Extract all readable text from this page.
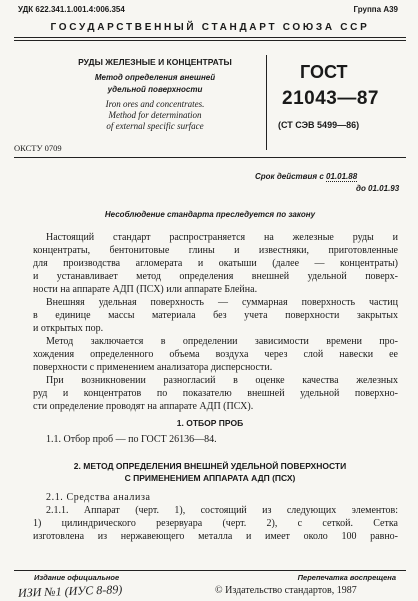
УДК 622.341.1.001.4:006.354	Группа А39
ГОСУДАРСТВЕННЫЙ СТАНДАРТ СОЮЗА ССР
РУДЫ ЖЕЛЕЗНЫЕ И КОНЦЕНТРАТЫ
Метод определения внешней
удельной поверхности
Iron ores and concentrates.
Method for determination
of external specific surface
ГОСТ
21043—87
(СТ СЭВ 5499—86)
ОКСТУ 0709
Срок действия с 01.01.88
до 01.01.93
Несоблюдение стандарта преследуется по закону
Настоящий стандарт распространяется на железные руды и
концентраты, бентонитовые глины и известняки, приготовленные
для производства агломерата и окатыши (далее — концентраты)
и устанавливает метод определения внешней удельной поверх-
ности на аппарате АДП (ПСХ) или аппарате Блейна.
Внешняя удельная поверхность — суммарная поверхность частиц
в единице массы материала без учета поверхности закрытых
и открытых пор.
Метод заключается в определении зависимости времени про-
хождения определенного объема воздуха через слой навески ее
поверхности с применением анализатора дисперсности.
При возникновении разногласий в оценке качества железных
руд и концентратов по показателю внешней удельной поверхно-
сти определение проводят на аппарате АДП (ПСХ).
1. ОТБОР ПРОБ
1.1. Отбор проб — по ГОСТ 26136—84.
2. МЕТОД ОПРЕДЕЛЕНИЯ ВНЕШНЕЙ УДЕЛЬНОЙ ПОВЕРХНОСТИ
С ПРИМЕНЕНИЕМ АППАРАТА АДП (ПСХ)
2.1. Средства анализа
2.1.1. Аппарат (черт. 1), состоящий из следующих элементов:
1) цилиндрического резервуара (черт. 2), с сеткой. Сетка
изготовлена из нержавеющего металла и имеет около 100 равно-
Издание официальное	Перепечатка воспрещена
ИЗИ №1 (ИУС 8-89)	© Издательство стандартов, 1987
